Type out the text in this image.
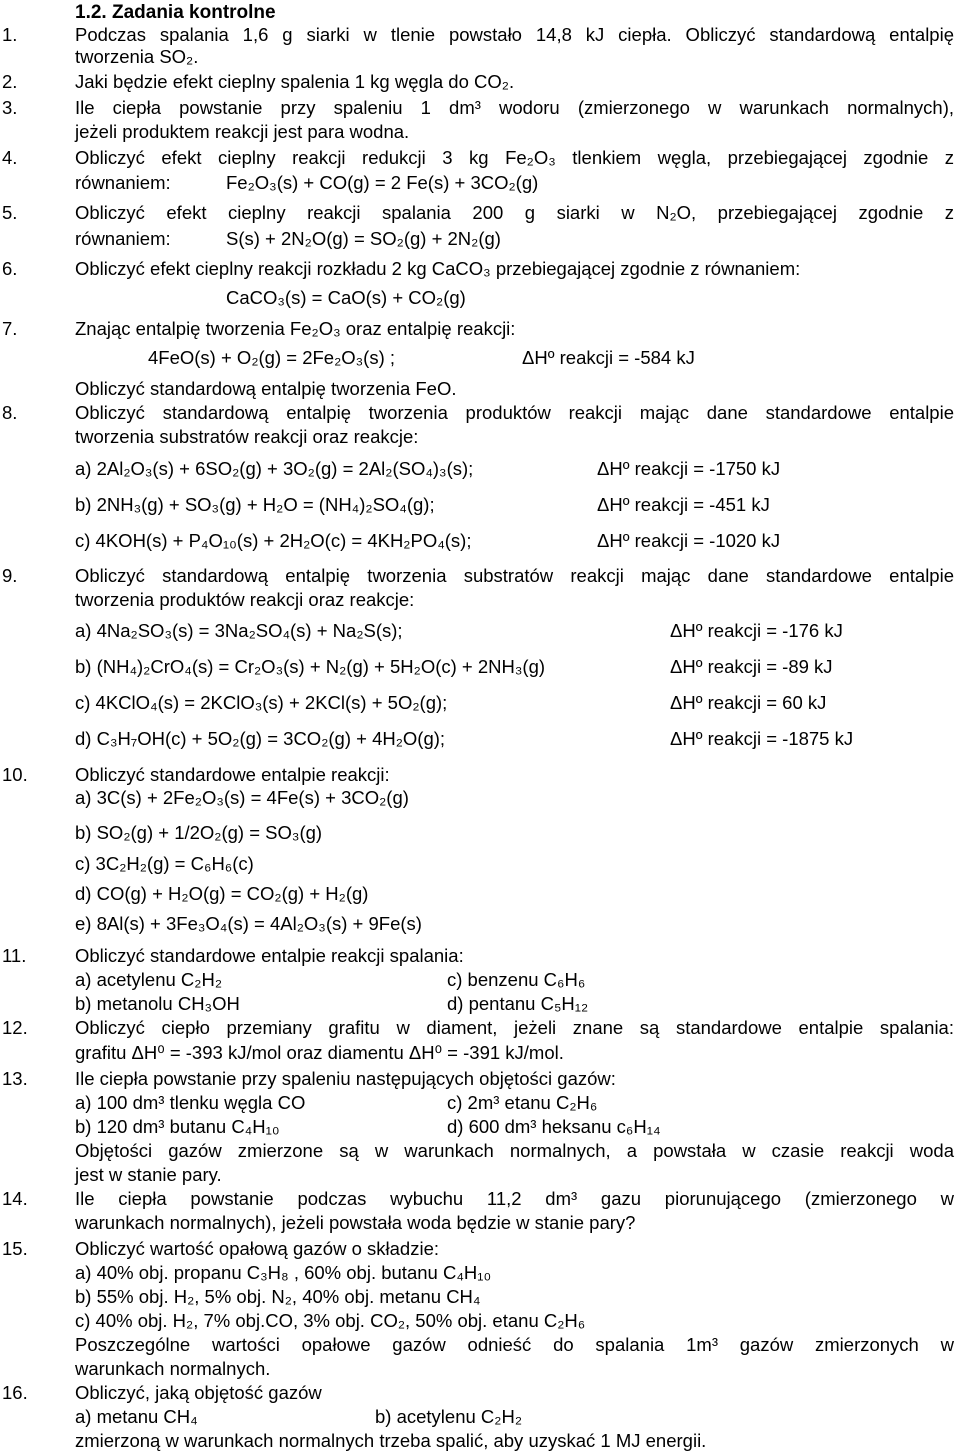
1.2. Zadania kontrolne
1.	Podczas spalania 1,6 g siarki w tlenie powstało 14,8 kJ ciepła. Obliczyć standardową entalpię
tworzenia SO₂.
2.	Jaki będzie efekt cieplny spalenia 1 kg węgla do CO₂.
3.	Ile ciepła powstanie przy spaleniu 1 dm³ wodoru (zmierzonego w warunkach normalnych),
jeżeli produktem reakcji jest para wodna.
4.	Obliczyć efekt cieplny reakcji redukcji 3 kg Fe₂O₃ tlenkiem węgla, przebiegającej zgodnie z
równaniem:	Fe₂O₃(s) + CO(g) = 2 Fe(s) + 3CO₂(g)
5.	Obliczyć efekt cieplny reakcji spalania 200 g siarki w N₂O, przebiegającej zgodnie z
równaniem:	S(s) + 2N₂O(g) = SO₂(g) + 2N₂(g)
6.	Obliczyć efekt cieplny reakcji rozkładu 2 kg CaCO₃ przebiegającej zgodnie z równaniem:
CaCO₃(s) = CaO(s) + CO₂(g)
7.	Znając entalpię tworzenia Fe₂O₃ oraz entalpię reakcji:
4FeO(s) + O₂(g) = 2Fe₂O₃(s) ;	ΔHº reakcji = -584 kJ
Obliczyć standardową entalpię tworzenia FeO.
8.	Obliczyć standardową entalpię tworzenia produktów reakcji mając dane standardowe entalpie
tworzenia substratów reakcji oraz reakcje:
a) 2Al₂O₃(s) + 6SO₂(g) + 3O₂(g) = 2Al₂(SO₄)₃(s);	ΔHº reakcji = -1750 kJ
b) 2NH₃(g) + SO₃(g) + H₂O = (NH₄)₂SO₄(g);	ΔHº reakcji = -451 kJ
c) 4KOH(s) + P₄O₁₀(s) + 2H₂O(c) = 4KH₂PO₄(s);	ΔHº reakcji = -1020 kJ
9.	Obliczyć standardową entalpię tworzenia substratów reakcji mając dane standardowe entalpie
tworzenia produktów reakcji oraz reakcje:
a) 4Na₂SO₃(s) = 3Na₂SO₄(s) + Na₂S(s);	ΔHº reakcji = -176 kJ
b) (NH₄)₂CrO₄(s) = Cr₂O₃(s) + N₂(g) + 5H₂O(c) + 2NH₃(g)	ΔHº reakcji = -89 kJ
c) 4KClO₄(s) = 2KClO₃(s) + 2KCl(s) + 5O₂(g);	ΔHº reakcji = 60 kJ
d) C₃H₇OH(c) + 5O₂(g) = 3CO₂(g) + 4H₂O(g);	ΔHº reakcji = -1875 kJ
10.	Obliczyć standardowe entalpie reakcji:
a) 3C(s) + 2Fe₂O₃(s) = 4Fe(s) + 3CO₂(g)
b) SO₂(g) + 1/2O₂(g) = SO₃(g)
c) 3C₂H₂(g) = C₆H₆(c)
d) CO(g) + H₂O(g) = CO₂(g) + H₂(g)
e) 8Al(s) + 3Fe₃O₄(s) = 4Al₂O₃(s) + 9Fe(s)
11.	Obliczyć standardowe entalpie reakcji spalania:
a) acetylenu C₂H₂	c) benzenu C₆H₆
b) metanolu CH₃OH	d) pentanu C₅H₁₂
12.	Obliczyć ciepło przemiany grafitu w diament, jeżeli znane są standardowe entalpie spalania:
grafitu ΔH⁰ = -393 kJ/mol oraz diamentu ΔH⁰ = -391 kJ/mol.
13.	Ile ciepła powstanie przy spaleniu następujących objętości gazów:
a) 100 dm³ tlenku węgla CO	c) 2m³ etanu C₂H₆
b) 120 dm³ butanu C₄H₁₀	d) 600 dm³ heksanu c₆H₁₄
Objętości gazów zmierzone są w warunkach normalnych, a powstała w czasie reakcji woda
jest w stanie pary.
14.	Ile ciepła powstanie podczas wybuchu 11,2 dm³ gazu piorunującego (zmierzonego w
warunkach normalnych), jeżeli powstała woda będzie w stanie pary?
15.	Obliczyć wartość opałową gazów o składzie:
a) 40% obj. propanu C₃H₈ , 60% obj. butanu C₄H₁₀
b) 55% obj. H₂, 5% obj. N₂, 40% obj. metanu CH₄
c) 40% obj. H₂, 7% obj.CO, 3% obj. CO₂, 50% obj. etanu C₂H₆
Poszczególne wartości opałowe gazów odnieść do spalania 1m³ gazów zmierzonych w
warunkach normalnych.
16.	Obliczyć, jaką objętość gazów
a) metanu CH₄	b) acetylenu C₂H₂
zmierzoną w warunkach normalnych trzeba spalić, aby uzyskać 1 MJ energii.
